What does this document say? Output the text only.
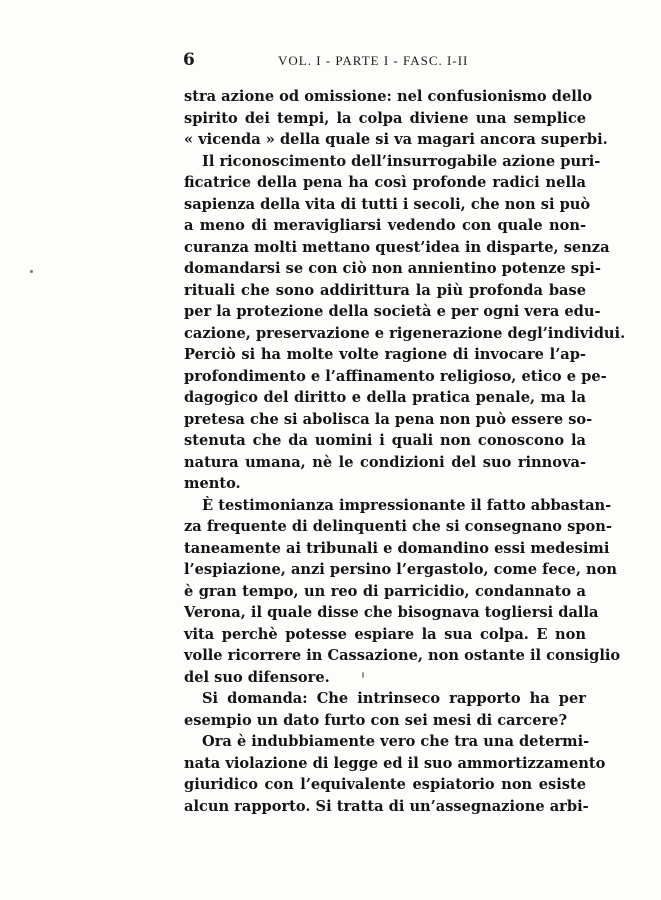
6	VOL. I - PARTE I - FASC. I-II
stra azione od omissione: nel confusionismo dello
spirito dei tempi, la colpa diviene una semplice
« vicenda » della quale si va magari ancora superbi.
Il riconoscimento dell’insurrogabile azione puri-
ficatrice della pena ha così profonde radici nella
sapienza della vita di tutti i secoli, che non si può
a meno di meravigliarsi vedendo con quale non-
curanza molti mettano quest’idea in disparte, senza
domandarsi se con ciò non annientino potenze spi-
rituali che sono addirittura la più profonda base
per la protezione della società e per ogni vera edu-
cazione, preservazione e rigenerazione degl’individui.
Perciò si ha molte volte ragione di invocare l’ap-
profondimento e l’affinamento religioso, etico e pe-
dagogico del diritto e della pratica penale, ma la
pretesa che si abolisca la pena non può essere so-
stenuta che da uomini i quali non conoscono la
natura umana, nè le condizioni del suo rinnova-
mento.
È testimonianza impressionante il fatto abbastan-
za frequente di delinquenti che si consegnano spon-
taneamente ai tribunali e domandino essi medesimi
l’espiazione, anzi persino l’ergastolo, come fece, non
è gran tempo, un reo di parricidio, condannato a
Verona, il quale disse che bisognava togliersi dalla
vita perchè potesse espiare la sua colpa. E non
volle ricorrere in Cassazione, non ostante il consiglio
del suo difensore.
Si domanda: Che intrinseco rapporto ha per
esempio un dato furto con sei mesi di carcere?
Ora è indubbiamente vero che tra una determi-
nata violazione di legge ed il suo ammortizzamento
giuridico con l’equivalente espiatorio non esiste
alcun rapporto. Si tratta di un’assegnazione arbi-
